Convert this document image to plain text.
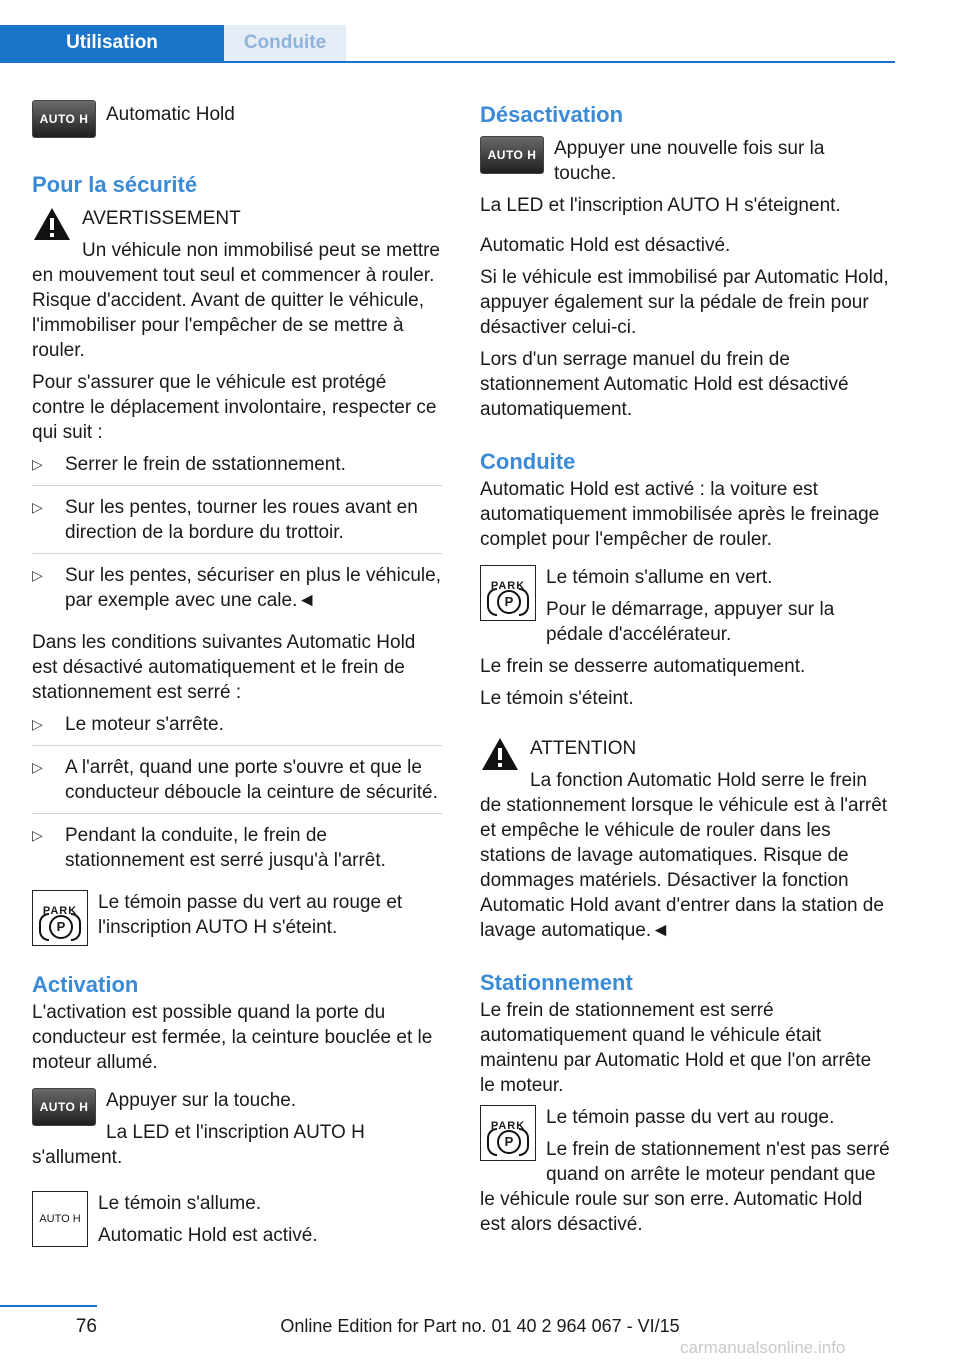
Utilisation	Conduite
AUTO H Automatic Hold

Pour la sécurité

AVERTISSEMENT

Un véhicule non immobilisé peut se mettre en mouvement tout seul et commencer à rouler. Risque d'accident. Avant de quitter le véhicule, l'immobiliser pour l'empêcher de se mettre à rouler.

Pour s'assurer que le véhicule est protégé contre le déplacement involontaire, respecter ce qui suit :

▷ Serrer le frein de sstationnement.
▷ Sur les pentes, tourner les roues avant en direction de la bordure du trottoir.
▷ Sur les pentes, sécuriser en plus le véhicule, par exemple avec une cale.◄

Dans les conditions suivantes Automatic Hold est désactivé automatiquement et le frein de stationnement est serré :

▷ Le moteur s'arrête.
▷ A l'arrêt, quand une porte s'ouvre et que le conducteur déboucle la ceinture de sécurité.
▷ Pendant la conduite, le frein de stationnement est serré jusqu'à l'arrêt.
PARK
P

Le témoin passe du vert au rouge et l'inscription AUTO H s'éteint.

Activation

L'activation est possible quand la porte du conducteur est fermée, la ceinture bouclée et le moteur allumé.

AUTO H Appuyer sur la touche.

La LED et l'inscription AUTO H s'allument.

AUTO H

Le témoin s'allume.

Automatic Hold est activé.

Désactivation
AUTO H Appuyer une nouvelle fois sur la touche.

La LED et l'inscription AUTO H s'éteignent.

Automatic Hold est désactivé.

Si le véhicule est immobilisé par Automatic Hold, appuyer également sur la pédale de frein pour désactiver celui-ci.

Lors d'un serrage manuel du frein de stationnement Automatic Hold est désactivé automatiquement.

Conduite

Automatic Hold est activé : la voiture est automatiquement immobilisée après le freinage complet pour l'empêcher de rouler.

PARK
P

Le témoin s'allume en vert.

Pour le démarrage, appuyer sur la pédale d'accélérateur.

Le frein se desserre automatiquement.

Le témoin s'éteint.

ATTENTION

La fonction Automatic Hold serre le frein de stationnement lorsque le véhicule est à l'arrêt et empêche le véhicule de rouler dans les stations de lavage automatiques. Risque de dommages matériels. Désactiver la fonction Automatic Hold avant d'entrer dans la station de lavage automatique.◄

Stationnement

Le frein de stationnement est serré automatiquement quand le véhicule était maintenu par Automatic Hold et que l'on arrête le moteur.

PARK
P

Le témoin passe du vert au rouge.

Le frein de stationnement n'est pas serré quand on arrête le moteur pendant que le véhicule roule sur son erre. Automatic Hold est alors désactivé.

76	Online Edition for Part no. 01 40 2 964 067 - VI/15
carmanualsonline.info
